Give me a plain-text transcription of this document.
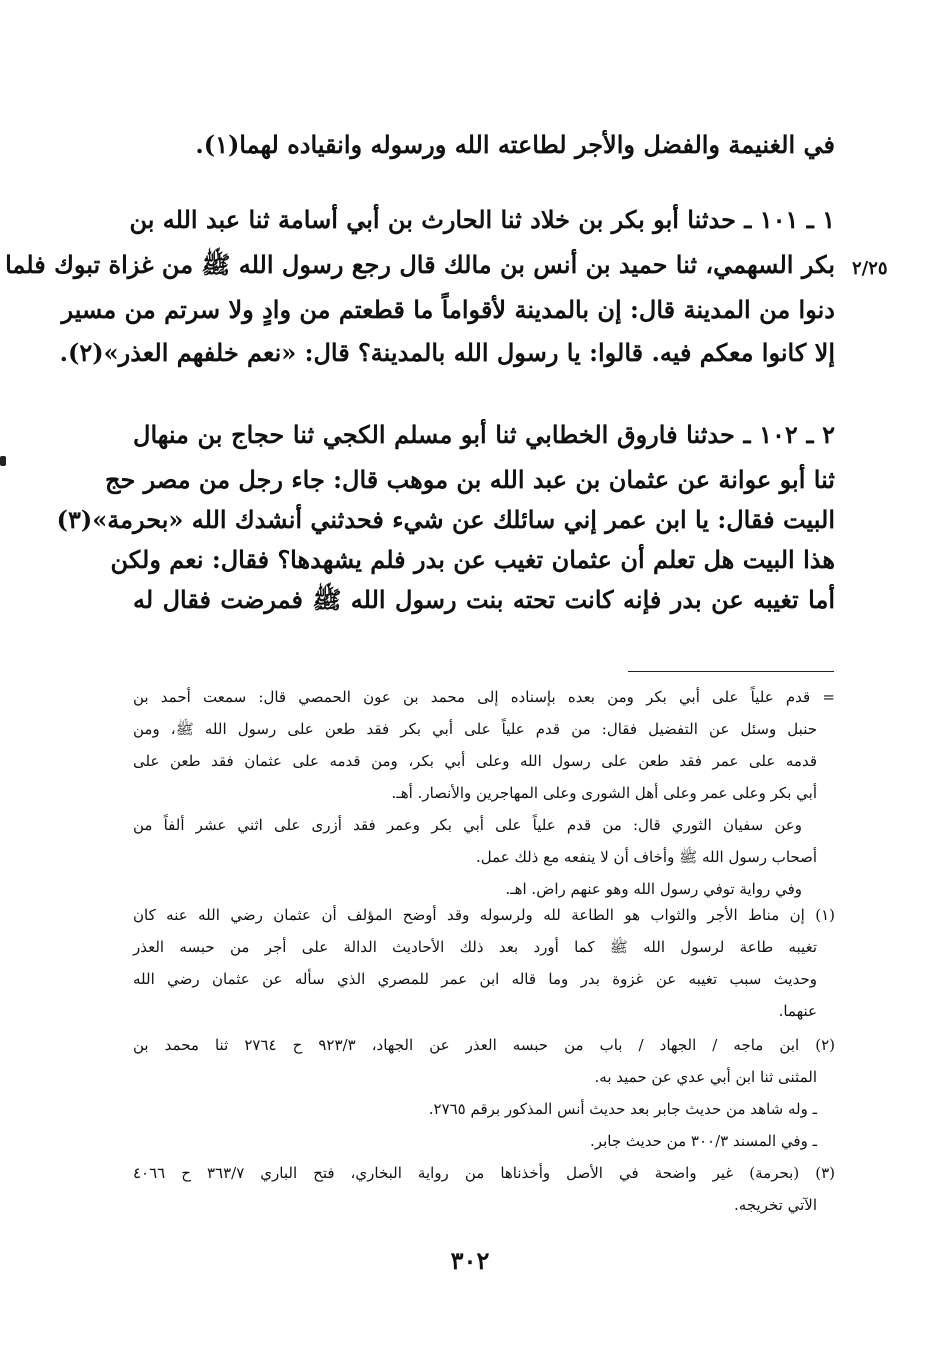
في الغنيمة والفضل والأجر لطاعته الله ورسوله وانقياده لهما(١).
١ ـ ١٠١ ـ حدثنا أبو بكر بن خلاد ثنا الحارث بن أبي أسامة ثنا عبد الله بن
بكر السهمي، ثنا حميد بن أنس بن مالك قال رجع رسول الله ﷺ من غزاة تبوك فلما
دنوا من المدينة قال: إن بالمدينة لأقواماً ما قطعتم من وادٍ ولا سرتم من مسير
إلا كانوا معكم فيه. قالوا: يا رسول الله بالمدينة؟ قال: «نعم خلفهم العذر»(٢).
٢/٢٥
٢ ـ ١٠٢ ـ حدثنا فاروق الخطابي ثنا أبو مسلم الكجي ثنا حجاج بن منهال
ثنا أبو عوانة عن عثمان بن عبد الله بن موهب قال: جاء رجل من مصر حج
البيت فقال: يا ابن عمر إني سائلك عن شيء فحدثني أنشدك الله «بحرمة»(٣)
هذا البيت هل تعلم أن عثمان تغيب عن بدر فلم يشهدها؟ فقال: نعم ولكن
أما تغيبه عن بدر فإنه كانت تحته بنت رسول الله ﷺ فمرضت فقال له
= قدم علياً على أبي بكر ومن بعده بإسناده إلى محمد بن عون الحمصي قال: سمعت أحمد بن
حنبل وسئل عن التفضيل فقال: من قدم علياً على أبي بكر فقد طعن على رسول الله ﷺ، ومن
قدمه على عمر فقد طعن على رسول الله وعلى أبي بكر، ومن قدمه على عثمان فقد طعن على
أبي بكر وعلى عمر وعلى أهل الشورى وعلى المهاجرين والأنصار. أهـ.
وعن سفيان الثوري قال: من قدم علياً على أبي بكر وعمر فقد أزرى على اثني عشر ألفاً من
أصحاب رسول الله ﷺ وأخاف أن لا ينفعه مع ذلك عمل.
وفي رواية توفي رسول الله وهو عنهم راض. اهـ.
(١) إن مناط الأجر والثواب هو الطاعة لله ولرسوله وقد أوضح المؤلف أن عثمان رضي الله عنه كان
تغيبه طاعة لرسول الله ﷺ كما أورد بعد ذلك الأحاديث الدالة على أجر من حبسه العذر
وحديث سبب تغيبه عن غزوة بدر وما قاله ابن عمر للمصري الذي سأله عن عثمان رضي الله
عنهما.
(٢) ابن ماجه / الجهاد / باب من حبسه العذر عن الجهاد، ٩٢٣/٣ ح ٢٧٦٤ ثنا محمد بن
المثنى ثنا ابن أبي عدي عن حميد به.
ـ وله شاهد من حديث جابر بعد حديث أنس المذكور برقم ٢٧٦٥.
ـ وفي المسند ٣٠٠/٣ من حديث جابر.
(٣) (بحرمة) غير واضحة في الأصل وأخذناها من رواية البخاري، فتح الباري ٣٦٣/٧ ح ٤٠٦٦
الآتي تخريجه.
٣٠٢
